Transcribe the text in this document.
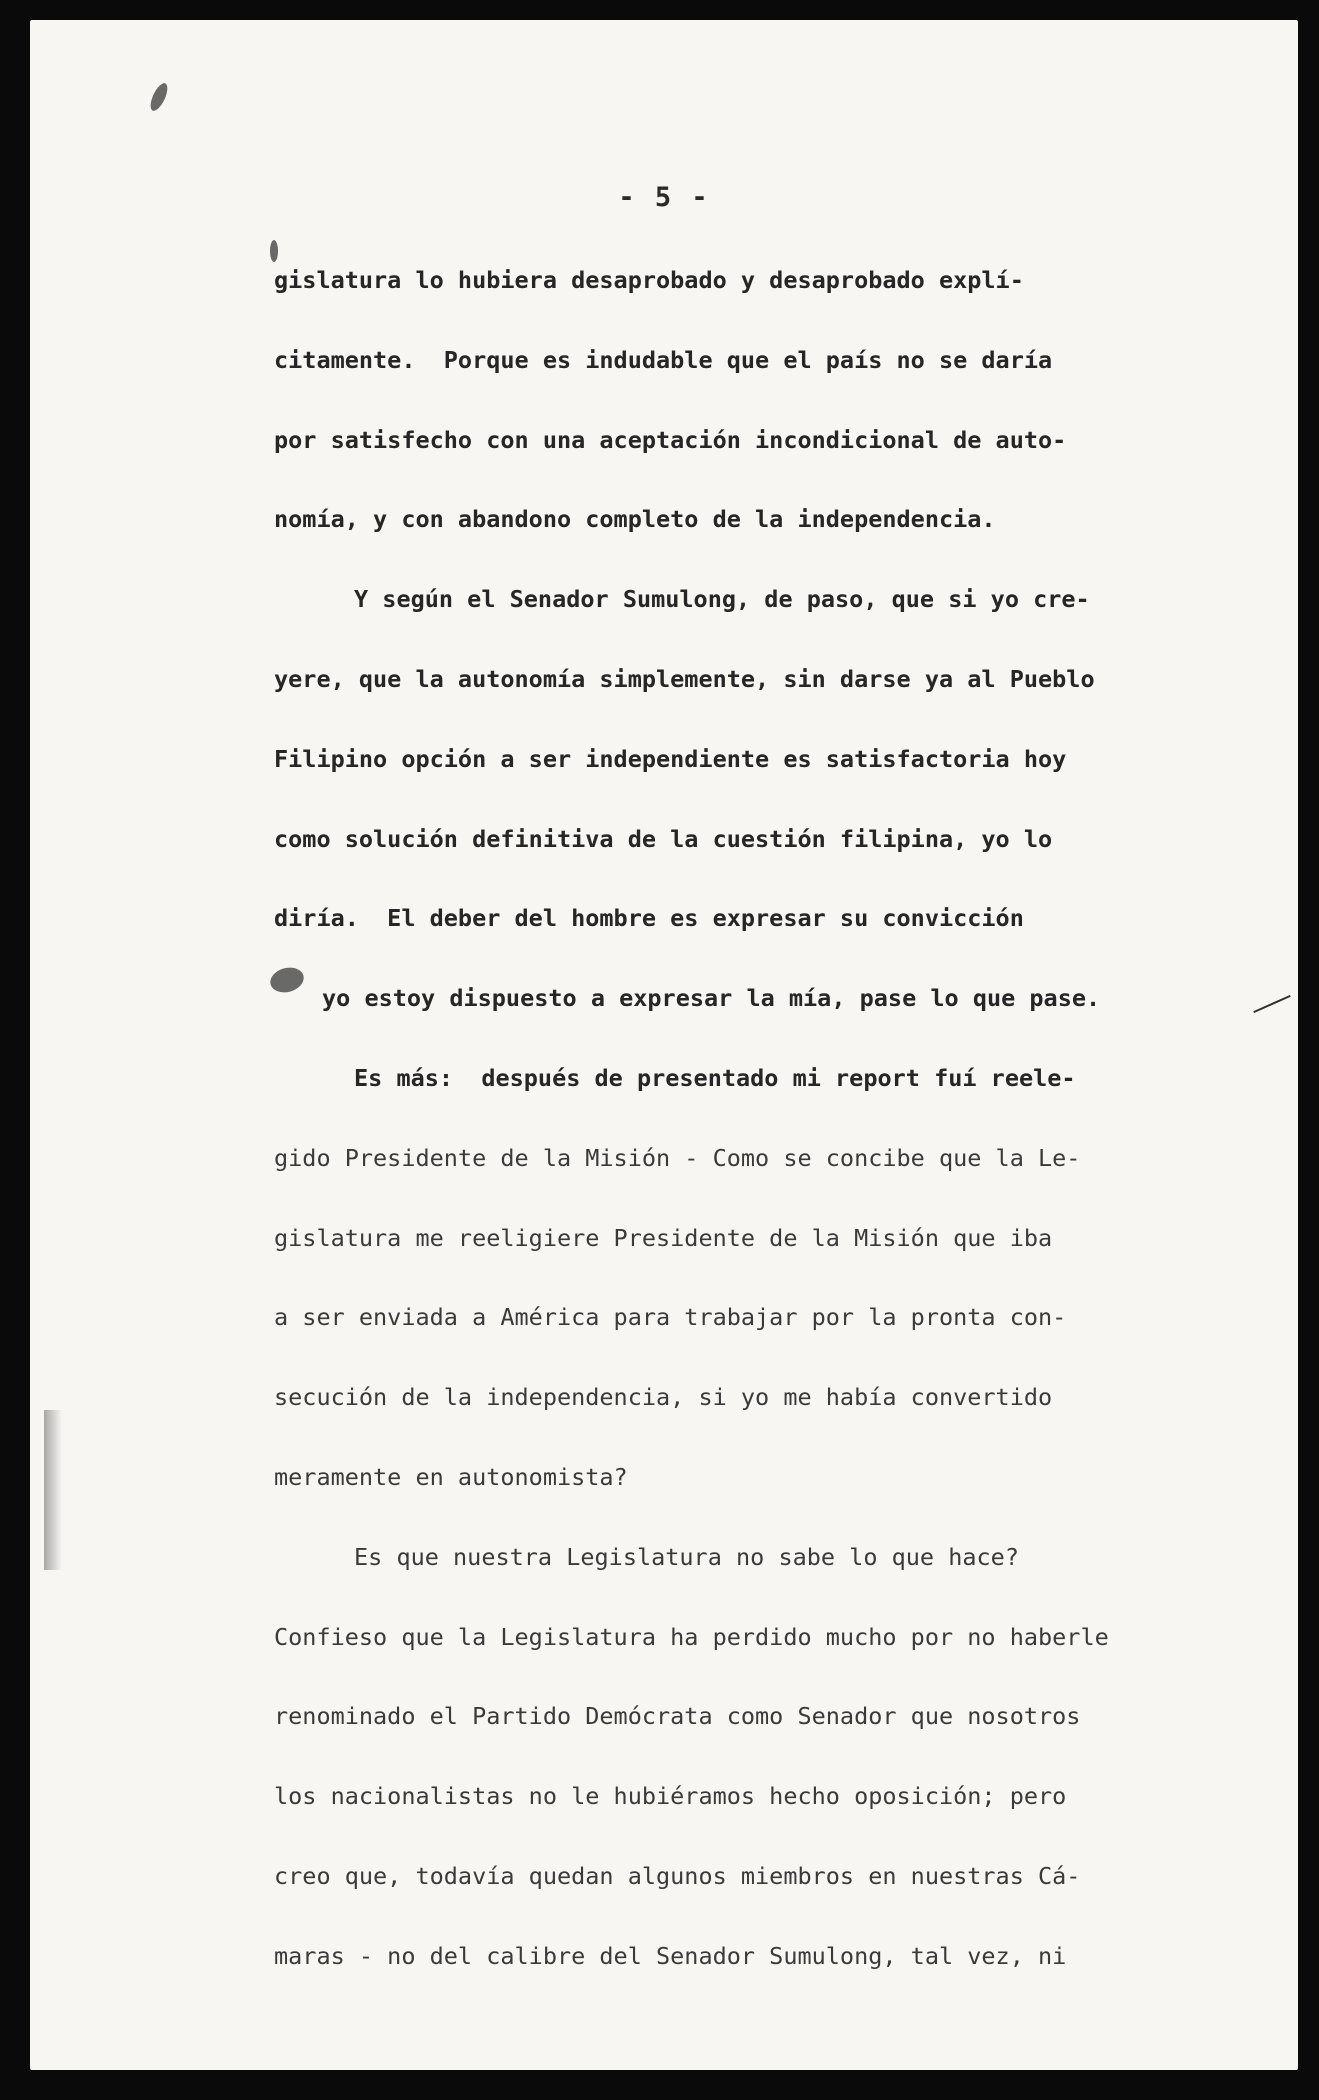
- 5 -
gislatura lo hubiera desaprobado y desaprobado explí-
citamente.  Porque es indudable que el país no se daría
por satisfecho con una aceptación incondicional de auto-
nomía, y con abandono completo de la independencia.
Y según el Senador Sumulong, de paso, que si yo cre-
yere, que la autonomía simplemente, sin darse ya al Pueblo
Filipino opción a ser independiente es satisfactoria hoy
como solución definitiva de la cuestión filipina, yo lo
diría.  El deber del hombre es expresar su convicción
yo estoy dispuesto a expresar la mía, pase lo que pase.
Es más:  después de presentado mi report fuí reele-
gido Presidente de la Misión - Como se concibe que la Le-
gislatura me reeligiere Presidente de la Misión que iba
a ser enviada a América para trabajar por la pronta con-
secución de la independencia, si yo me había convertido
meramente en autonomista?
Es que nuestra Legislatura no sabe lo que hace?
Confieso que la Legislatura ha perdido mucho por no haberle
renominado el Partido Demócrata como Senador que nosotros
los nacionalistas no le hubiéramos hecho oposición; pero
creo que, todavía quedan algunos miembros en nuestras Cá-
maras - no del calibre del Senador Sumulong, tal vez, ni
